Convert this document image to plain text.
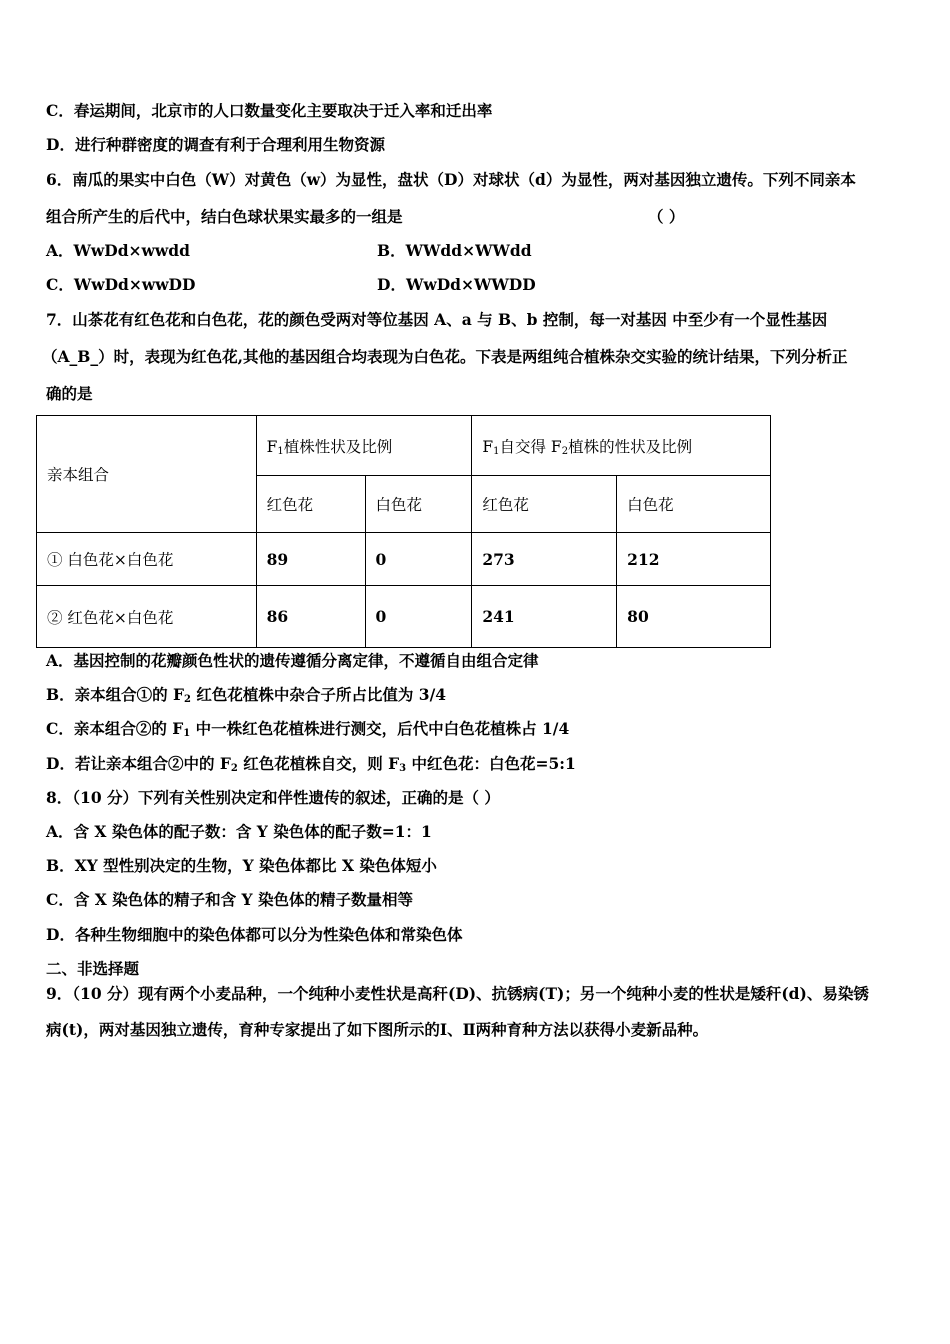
C．春运期间，北京市的人口数量变化主要取决于迁入率和迁出率
D．进行种群密度的调查有利于合理利用生物资源
6．南瓜的果实中白色（W）对黄色（w）为显性，盘状（D）对球状（d）为显性，两对基因独立遗传。下列不同亲本
组合所产生的后代中，结白色球状果实最多的一组是	（ ）
A．WwDd×wwdd	B．WWdd×WWdd
C．WwDd×wwDD	D．WwDd×WWDD
7．山茶花有红色花和白色花，花的颜色受两对等位基因 A、a 与 B、b 控制，每一对基因 中至少有一个显性基因
（A_B_）时，表现为红色花,其他的基因组合均表现为白色花。下表是两组纯合植株杂交实验的统计结果，下列分析正
确的是
亲本组合	$F_1$植株性状及比例		$F_1$自交得 $F_2$植株的性状及比例	
	红色花	白色花	红色花	白色花
① 白色花×白色花	89	0	273	212
② 红色花×白色花	86	0	241	80
A．基因控制的花瓣颜色性状的遗传遵循分离定律，不遵循自由组合定律
B．亲本组合①的 $F_2$ 红色花植株中杂合子所占比值为 3/4
C．亲本组合②的 $F_1$ 中一株红色花植株进行测交，后代中白色花植株占 1/4
D．若让亲本组合②中的 $F_2$ 红色花植株自交，则 $F_3$ 中红色花：白色花=5:1
8．（10 分）下列有关性别决定和伴性遗传的叙述，正确的是（ ）
A．含 X 染色体的配子数：含 Y 染色体的配子数=1：1
B．XY 型性别决定的生物，Y 染色体都比 X 染色体短小
C．含 X 染色体的精子和含 Y 染色体的精子数量相等
D．各种生物细胞中的染色体都可以分为性染色体和常染色体
二、非选择题
9．（10 分）现有两个小麦品种，一个纯种小麦性状是高秆(D)、抗锈病(T)；另一个纯种小麦的性状是矮秆(d)、易染锈
病(t)，两对基因独立遗传，育种专家提出了如下图所示的Ⅰ、Ⅱ两种育种方法以获得小麦新品种。
